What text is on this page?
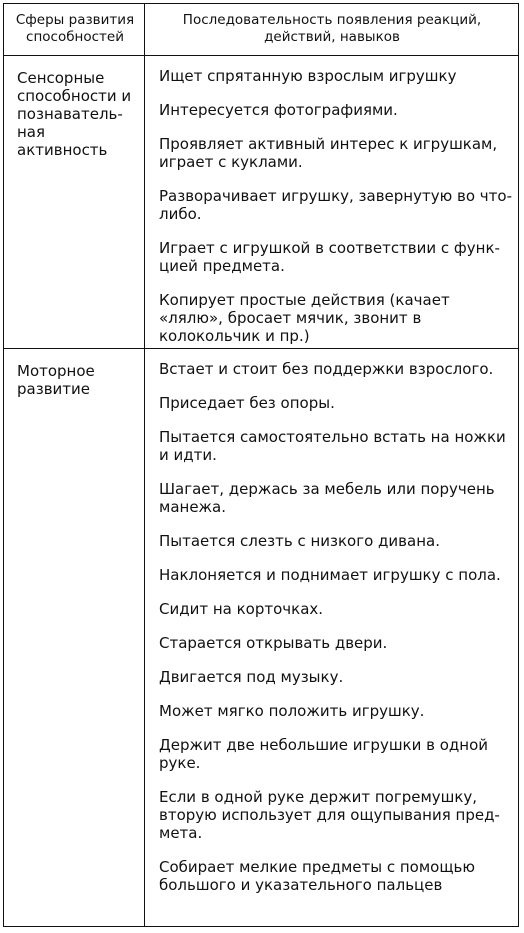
Сферы развития способностей
Последовательность появления реакций, действий, навыков
Сенсорные способности и познаватель-ная активность
Ищет спрятанную взрослым игрушку
Интересуется фотографиями.
Проявляет активный интерес к игрушкам, играет с куклами.
Разворачивает игрушку, завернутую во что-либо.
Играет с игрушкой в соответствии с функ-цией предмета.
Копирует простые действия (качает «лялю», бросает мячик, звонит в колокольчик и пр.)
Моторное развитие
Встает и стоит без поддержки взрослого.
Приседает без опоры.
Пытается самостоятельно встать на ножки и идти.
Шагает, держась за мебель или поручень манежа.
Пытается слезть с низкого дивана.
Наклоняется и поднимает игрушку с пола.
Сидит на корточках.
Старается открывать двери.
Двигается под музыку.
Может мягко положить игрушку.
Держит две небольшие игрушки в одной руке.
Если в одной руке держит погремушку, вторую использует для ощупывания пред-мета.
Собирает мелкие предметы с помощью большого и указательного пальцев
